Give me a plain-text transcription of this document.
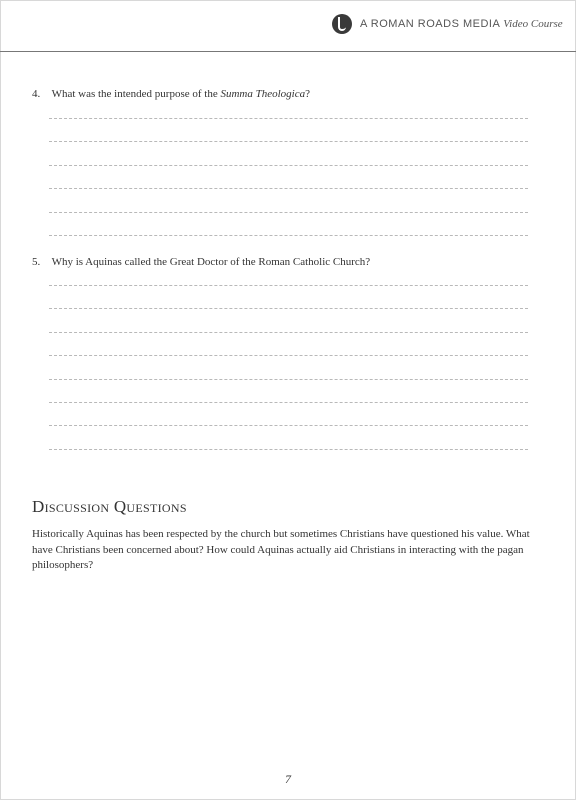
A ROMAN ROADS MEDIA Video Course
4. What was the intended purpose of the Summa Theologica?
5. Why is Aquinas called the Great Doctor of the Roman Catholic Church?
Discussion Questions
Historically Aquinas has been respected by the church but sometimes Christians have questioned his value. What have Christians been concerned about? How could Aquinas actually aid Christians in interacting with the pagan philosophers?
7
